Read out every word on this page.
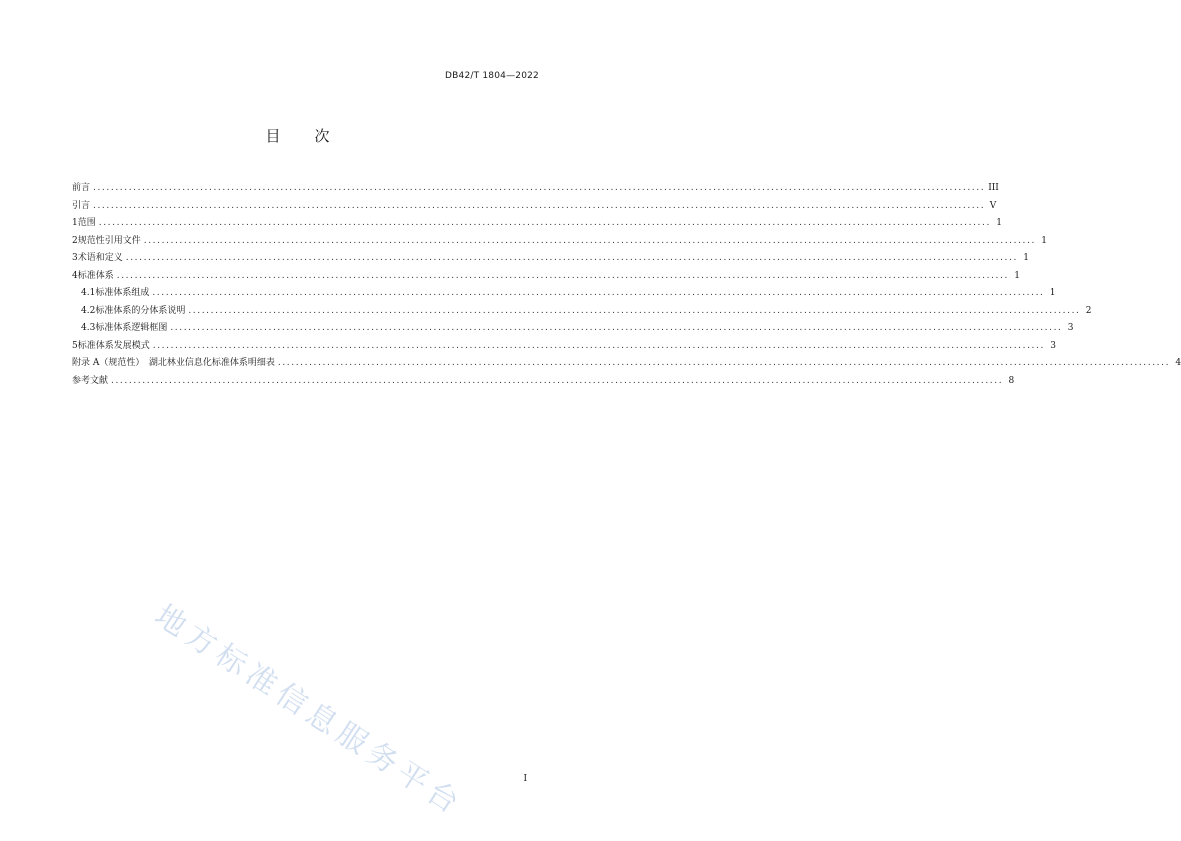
DB42/T 1804—2022
目 次
前言 ........................................................................................................................................................................................................ III
引言 ........................................................................................................................................................................................................ V
1 范围 ........................................................................................................................................................................................................ 1
2 规范性引用文件 ........................................................................................................................................................................................................ 1
3 术语和定义 ........................................................................................................................................................................................................ 1
4 标准体系 ........................................................................................................................................................................................................ 1
4.1 标准体系组成 ........................................................................................................................................................................................................ 1
4.2 标准体系的分体系说明 ........................................................................................................................................................................................................ 2
4.3 标准体系逻辑框图 ........................................................................................................................................................................................................ 3
5 标准体系发展模式 ........................................................................................................................................................................................................ 3
附录 A（规范性）　湖北林业信息化标准体系明细表 ........................................................................................................................................................................................................ 4
参考文献 ........................................................................................................................................................................................................ 8
地方标准信息服务平台	I
